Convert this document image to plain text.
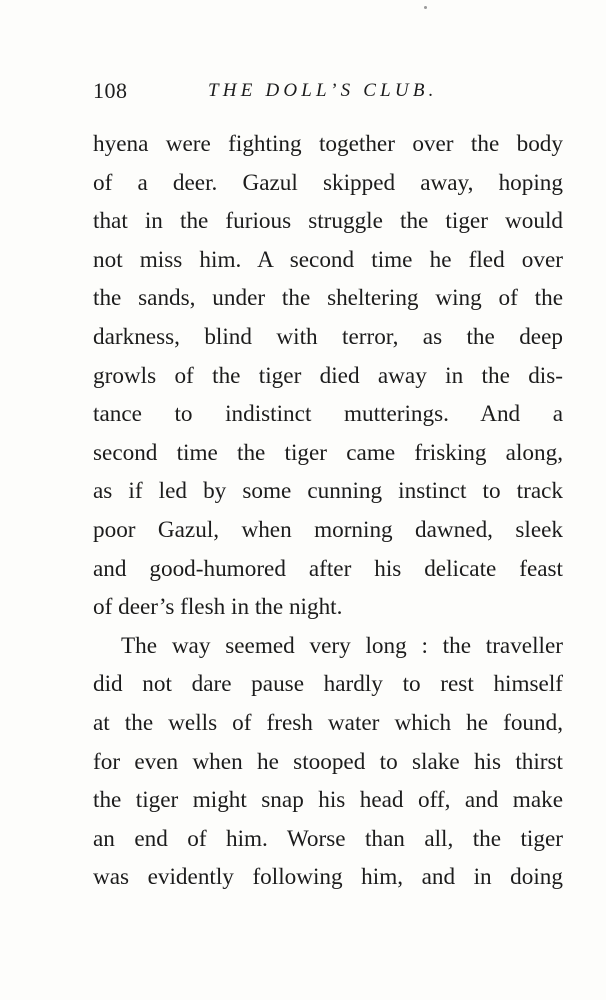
108	THE DOLL’S CLUB.
hyena were fighting together over the body
of a deer. Gazul skipped away, hoping
that in the furious struggle the tiger would
not miss him. A second time he fled over
the sands, under the sheltering wing of the
darkness, blind with terror, as the deep
growls of the tiger died away in the dis-
tance to indistinct mutterings. And a
second time the tiger came frisking along,
as if led by some cunning instinct to track
poor Gazul, when morning dawned, sleek
and good-humored after his delicate feast
of deer’s flesh in the night.
The way seemed very long : the traveller
did not dare pause hardly to rest himself
at the wells of fresh water which he found,
for even when he stooped to slake his thirst
the tiger might snap his head off, and make
an end of him. Worse than all, the tiger
was evidently following him, and in doing
